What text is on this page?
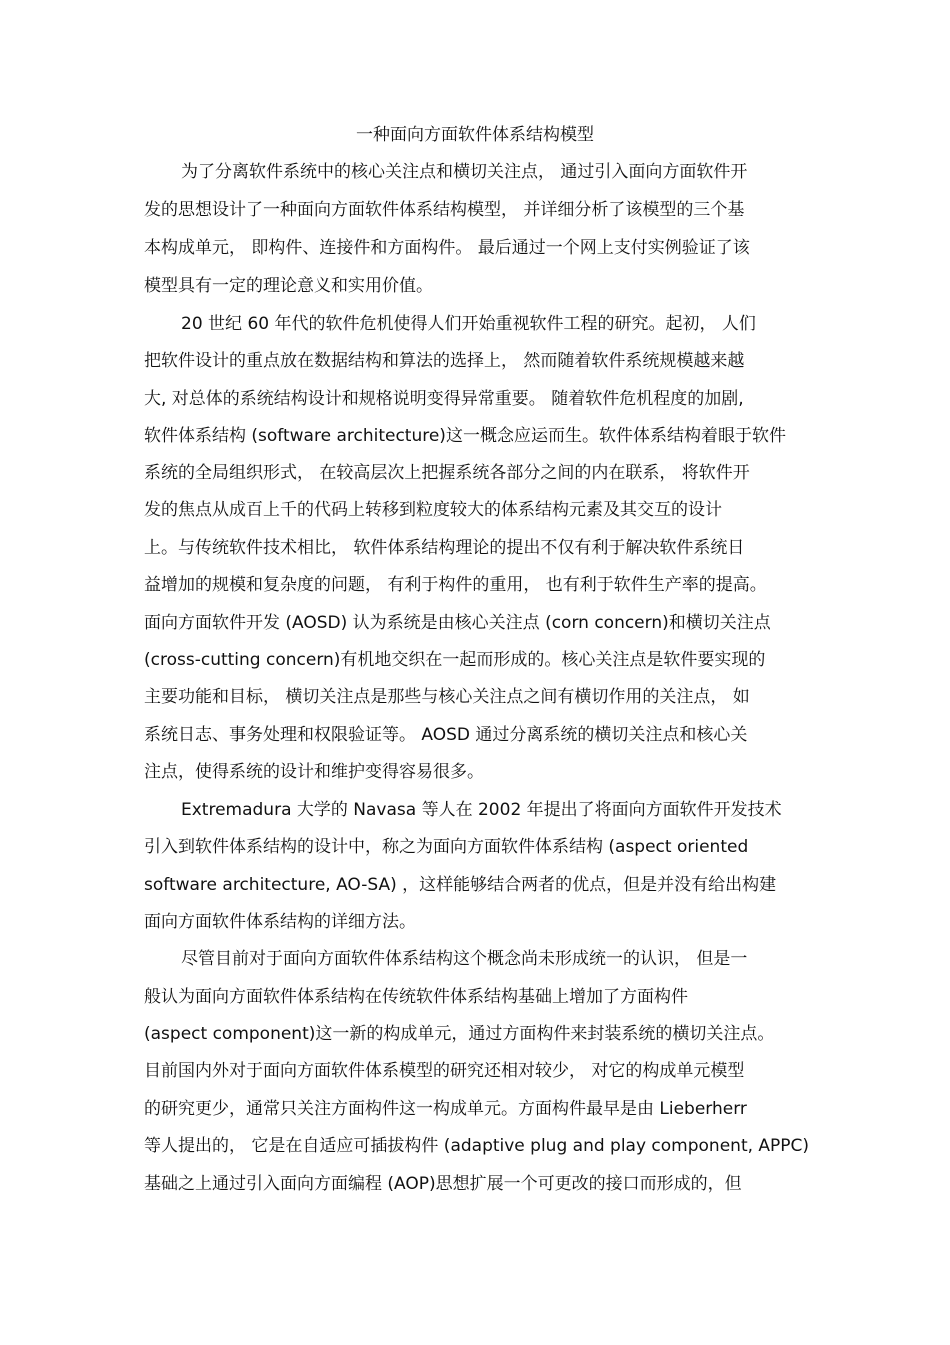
一种面向方面软件体系结构模型
为了分离软件系统中的核心关注点和横切关注点， 通过引入面向方面软件开
发的思想设计了一种面向方面软件体系结构模型， 并详细分析了该模型的三个基
本构成单元， 即构件、连接件和方面构件。 最后通过一个网上支付实例验证了该
模型具有一定的理论意义和实用价值。
20 世纪 60 年代的软件危机使得人们开始重视软件工程的研究。起初， 人们
把软件设计的重点放在数据结构和算法的选择上， 然而随着软件系统规模越来越
大, 对总体的系统结构设计和规格说明变得异常重要。 随着软件危机程度的加剧,
软件体系结构 (software architecture)这一概念应运而生。软件体系结构着眼于软件
系统的全局组织形式， 在较高层次上把握系统各部分之间的内在联系， 将软件开
发的焦点从成百上千的代码上转移到粒度较大的体系结构元素及其交互的设计
上。与传统软件技术相比， 软件体系结构理论的提出不仅有利于解决软件系统日
益增加的规模和复杂度的问题， 有利于构件的重用， 也有利于软件生产率的提高。
面向方面软件开发 (AOSD) 认为系统是由核心关注点 (corn concern)和横切关注点
(cross-cutting concern)有机地交织在一起而形成的。核心关注点是软件要实现的
主要功能和目标， 横切关注点是那些与核心关注点之间有横切作用的关注点， 如
系统日志、事务处理和权限验证等。 AOSD 通过分离系统的横切关注点和核心关
注点，使得系统的设计和维护变得容易很多。
Extremadura 大学的 Navasa 等人在 2002 年提出了将面向方面软件开发技术
引入到软件体系结构的设计中，称之为面向方面软件体系结构 (aspect oriented
software architecture, AO-SA) ，这样能够结合两者的优点，但是并没有给出构建
面向方面软件体系结构的详细方法。
尽管目前对于面向方面软件体系结构这个概念尚未形成统一的认识， 但是一
般认为面向方面软件体系结构在传统软件体系结构基础上增加了方面构件
(aspect component)这一新的构成单元，通过方面构件来封装系统的横切关注点。
目前国内外对于面向方面软件体系模型的研究还相对较少， 对它的构成单元模型
的研究更少，通常只关注方面构件这一构成单元。方面构件最早是由 Lieberherr
等人提出的， 它是在自适应可插拔构件 (adaptive plug and play component, APPC)
基础之上通过引入面向方面编程 (AOP)思想扩展一个可更改的接口而形成的，但
